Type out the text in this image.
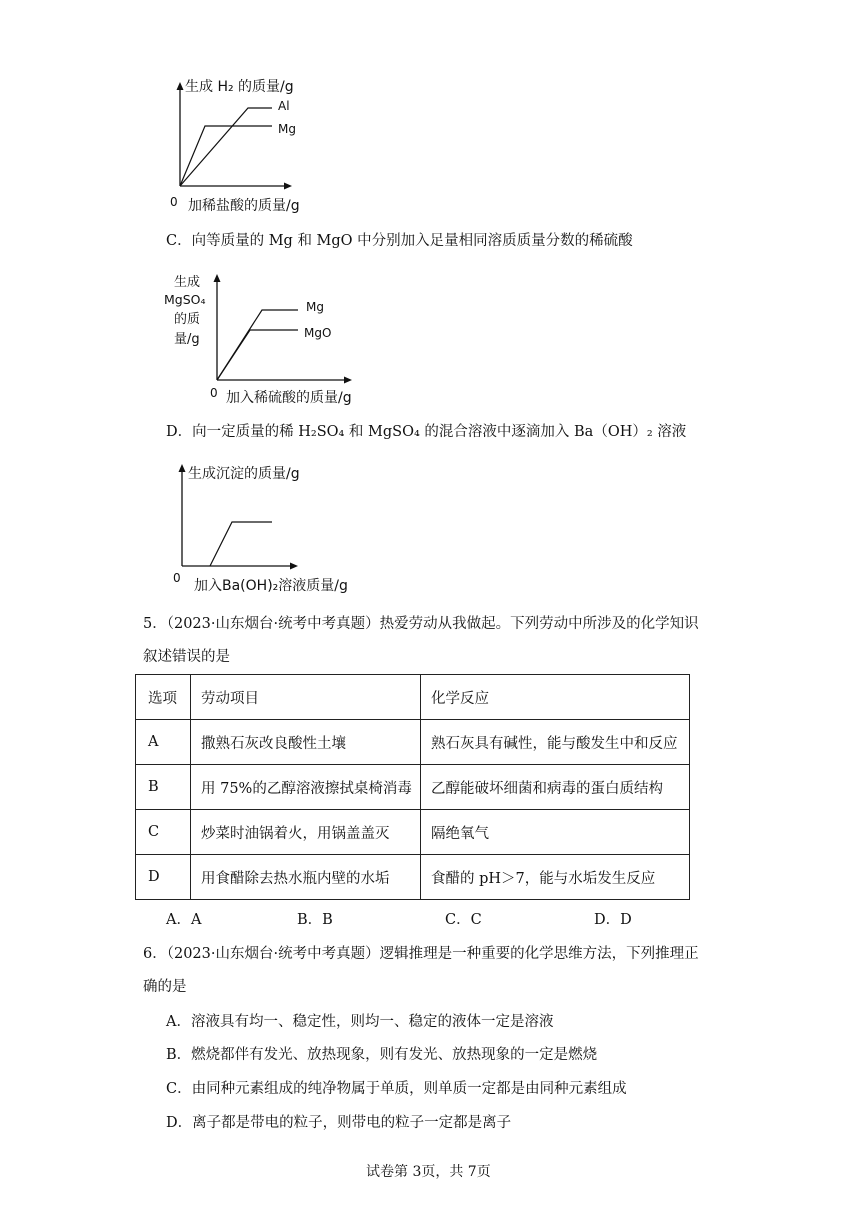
生成 H₂ 的质量/g
Al
Mg
0 加稀盐酸的质量/g
C．向等质量的 Mg 和 MgO 中分别加入足量相同溶质质量分数的稀硫酸
生成
MgSO₄
的质
量/g
Mg
MgO
0 加入稀硫酸的质量/g
D．向一定质量的稀 H₂SO₄ 和 MgSO₄ 的混合溶液中逐滴加入 Ba（OH）₂ 溶液
生成沉淀的质量/g
0 加入Ba(OH)₂溶液质量/g
5．（2023·山东烟台·统考中考真题）热爱劳动从我做起。下列劳动中所涉及的化学知识
叙述错误的是
选项	劳动项目	化学反应
A	撒熟石灰改良酸性土壤	熟石灰具有碱性，能与酸发生中和反应
B	用 75%的乙醇溶液擦拭桌椅消毒	乙醇能破坏细菌和病毒的蛋白质结构
C	炒菜时油锅着火，用锅盖盖灭	隔绝氧气
D	用食醋除去热水瓶内壁的水垢	食醋的 pH＞7，能与水垢发生反应
A．A	B．B	C．C	D．D
6．（2023·山东烟台·统考中考真题）逻辑推理是一种重要的化学思维方法，下列推理正
确的是
A．溶液具有均一、稳定性，则均一、稳定的液体一定是溶液
B．燃烧都伴有发光、放热现象，则有发光、放热现象的一定是燃烧
C．由同种元素组成的纯净物属于单质，则单质一定都是由同种元素组成
D．离子都是带电的粒子，则带电的粒子一定都是离子
试卷第 3页，共 7页
